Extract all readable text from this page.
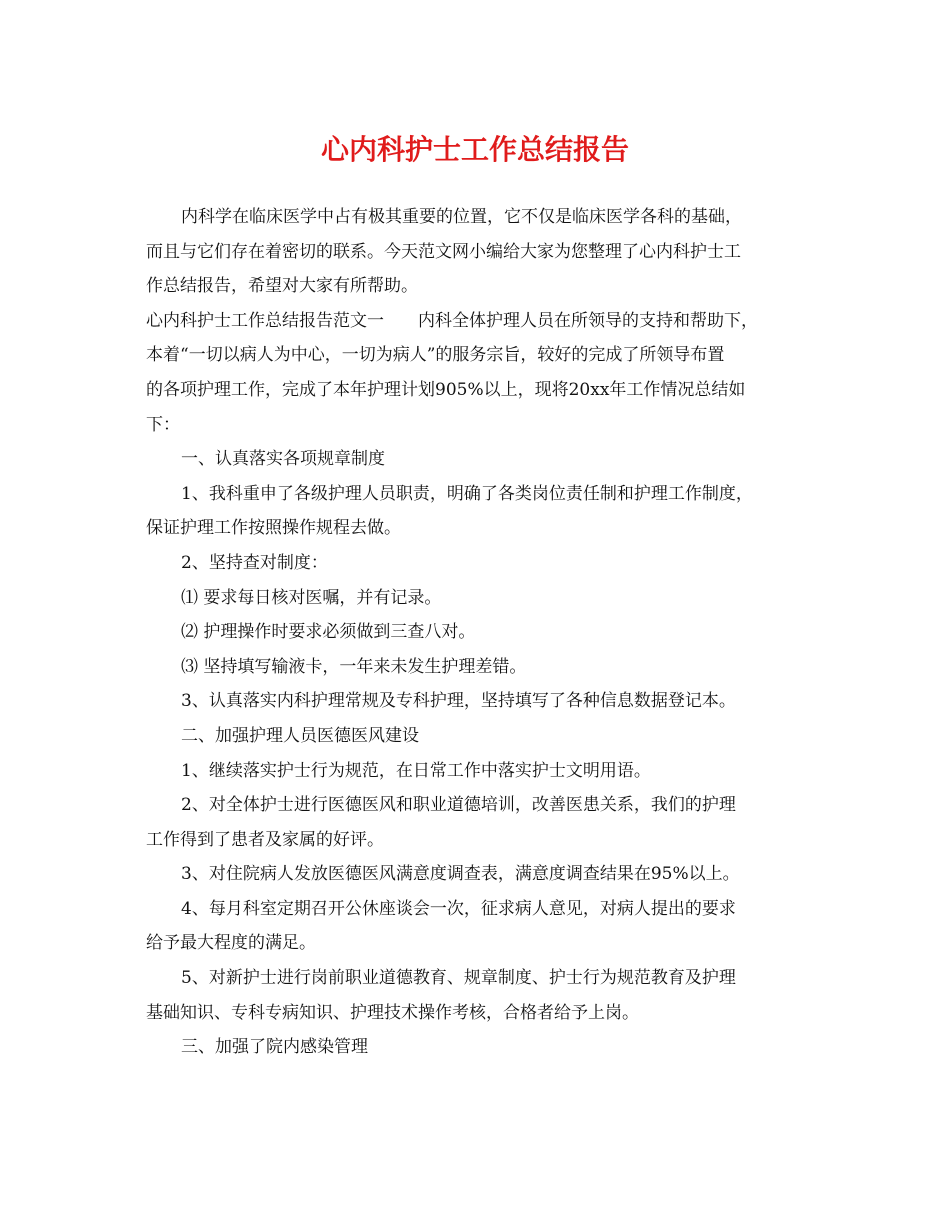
心内科护士工作总结报告
内科学在临床医学中占有极其重要的位置，它不仅是临床医学各科的基础，
而且与它们存在着密切的联系。今天范文网小编给大家为您整理了心内科护士工
作总结报告，希望对大家有所帮助。
心内科护士工作总结报告范文一 内科全体护理人员在所领导的支持和帮助下，
本着“一切以病人为中心，一切为病人”的服务宗旨，较好的完成了所领导布置
的各项护理工作，完成了本年护理计划905%以上，现将20xx年工作情况总结如
下：
一、认真落实各项规章制度
1、我科重申了各级护理人员职责，明确了各类岗位责任制和护理工作制度，
保证护理工作按照操作规程去做。
2、坚持查对制度：
⑴ 要求每日核对医嘱，并有记录。
⑵ 护理操作时要求必须做到三查八对。
⑶ 坚持填写输液卡，一年来未发生护理差错。
3、认真落实内科护理常规及专科护理，坚持填写了各种信息数据登记本。
二、加强护理人员医德医风建设
1、继续落实护士行为规范，在日常工作中落实护士文明用语。
2、对全体护士进行医德医风和职业道德培训，改善医患关系，我们的护理
工作得到了患者及家属的好评。
3、对住院病人发放医德医风满意度调查表，满意度调查结果在95%以上。
4、每月科室定期召开公休座谈会一次，征求病人意见，对病人提出的要求
给予最大程度的满足。
5、对新护士进行岗前职业道德教育、规章制度、护士行为规范教育及护理
基础知识、专科专病知识、护理技术操作考核，合格者给予上岗。
三、加强了院内感染管理
